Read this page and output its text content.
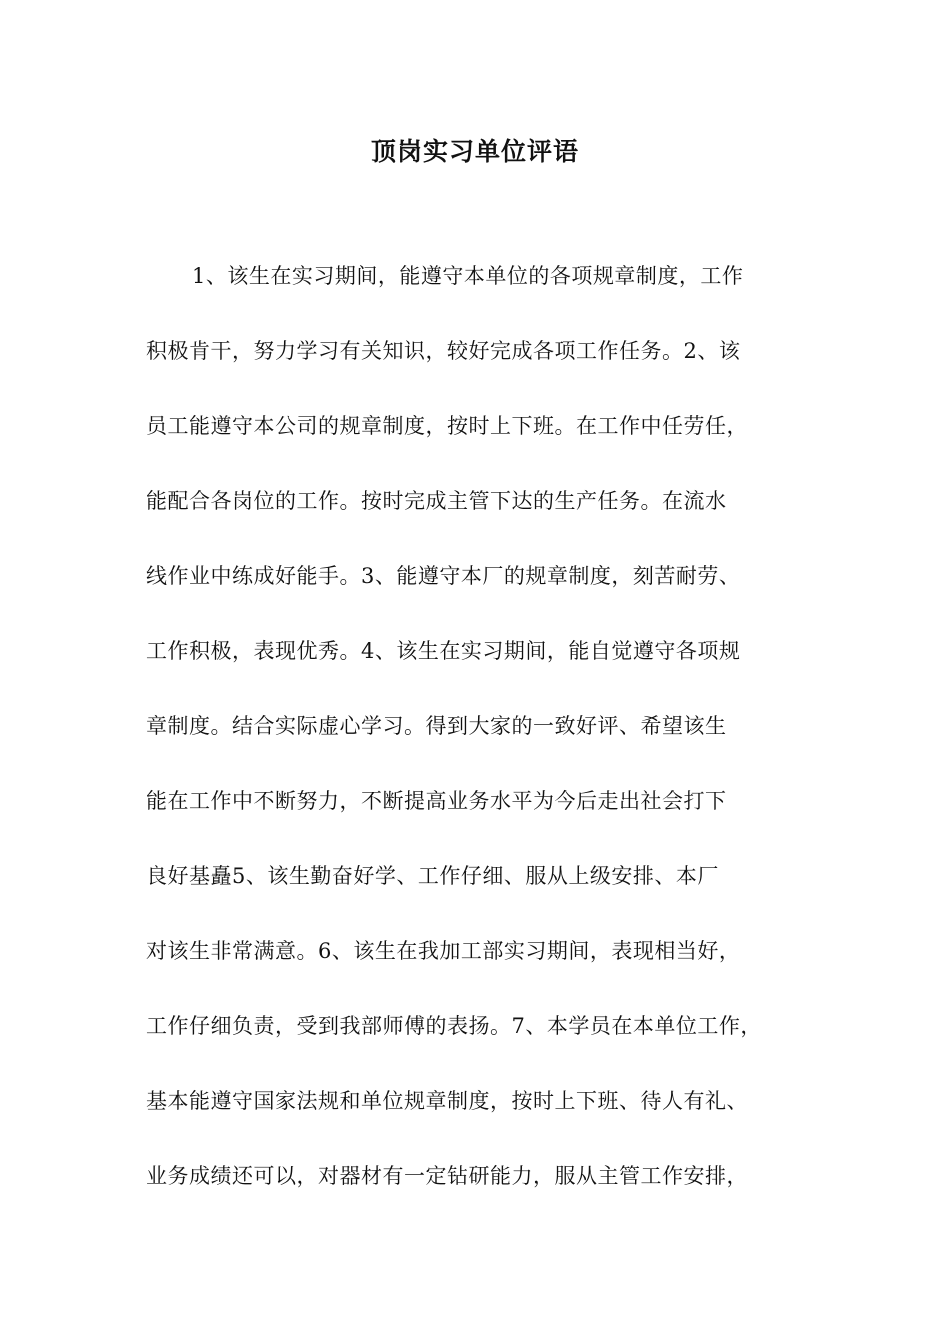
顶岗实习单位评语
1、该生在实习期间，能遵守本单位的各项规章制度，工作
积极肯干，努力学习有关知识，较好完成各项工作任务。2、该
员工能遵守本公司的规章制度，按时上下班。在工作中任劳任，
能配合各岗位的工作。按时完成主管下达的生产任务。在流水
线作业中练成好能手。3、能遵守本厂的规章制度，刻苦耐劳、
工作积极，表现优秀。4、该生在实习期间，能自觉遵守各项规
章制度。结合实际虚心学习。得到大家的一致好评、希望该生
能在工作中不断努力，不断提高业务水平为今后走出社会打下
良好基矗5、该生勤奋好学、工作仔细、服从上级安排、本厂
对该生非常满意。6、该生在我加工部实习期间，表现相当好，
工作仔细负责，受到我部师傅的表扬。7、本学员在本单位工作，
基本能遵守国家法规和单位规章制度，按时上下班、待人有礼、
业务成绩还可以，对器材有一定钻研能力，服从主管工作安排，
